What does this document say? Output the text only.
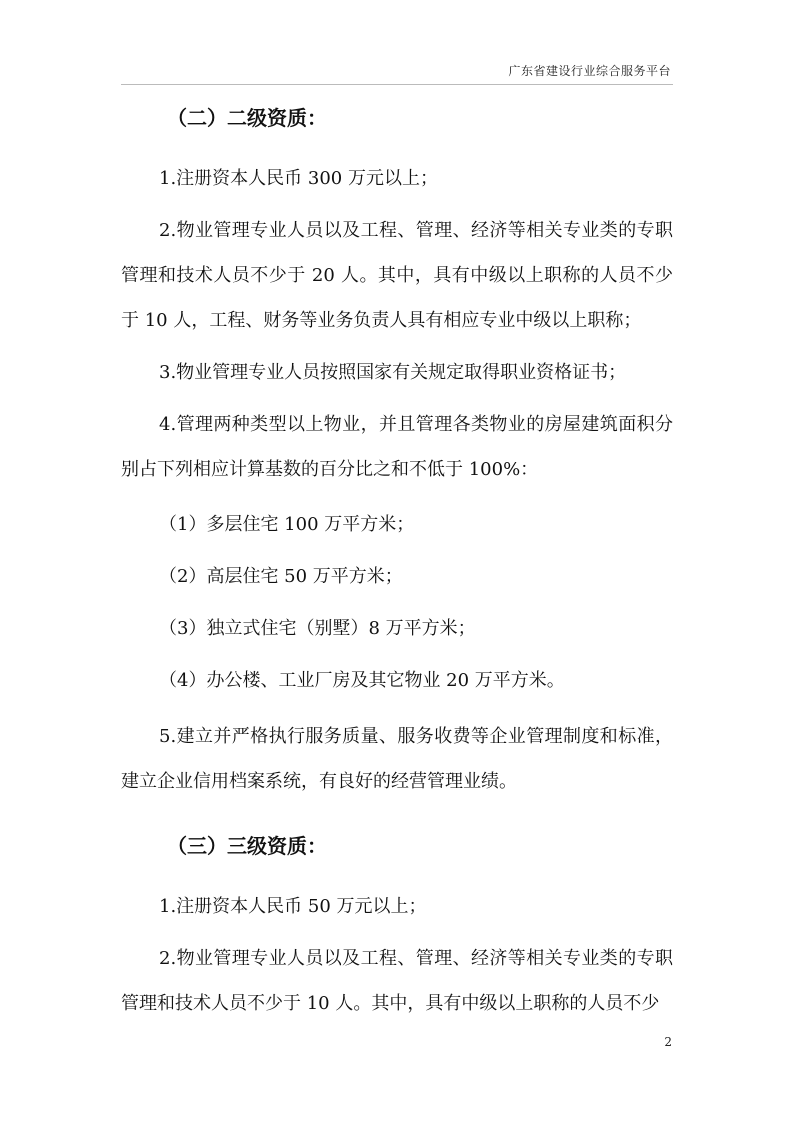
广东省建设行业综合服务平台
（二）二级资质：

1.注册资本人民币 300 万元以上；

2.物业管理专业人员以及工程、管理、经济等相关专业类的专职管理和技术人员不少于 20 人。其中，具有中级以上职称的人员不少于 10 人，工程、财务等业务负责人具有相应专业中级以上职称；

3.物业管理专业人员按照国家有关规定取得职业资格证书；

4.管理两种类型以上物业，并且管理各类物业的房屋建筑面积分别占下列相应计算基数的百分比之和不低于 100%：

（1）多层住宅 100 万平方米；

（2）高层住宅 50 万平方米；

（3）独立式住宅（别墅）8 万平方米；

（4）办公楼、工业厂房及其它物业 20 万平方米。

5.建立并严格执行服务质量、服务收费等企业管理制度和标准，建立企业信用档案系统，有良好的经营管理业绩。

（三）三级资质：

1.注册资本人民币 50 万元以上；

2.物业管理专业人员以及工程、管理、经济等相关专业类的专职管理和技术人员不少于 10 人。其中，具有中级以上职称的人员不少

2
